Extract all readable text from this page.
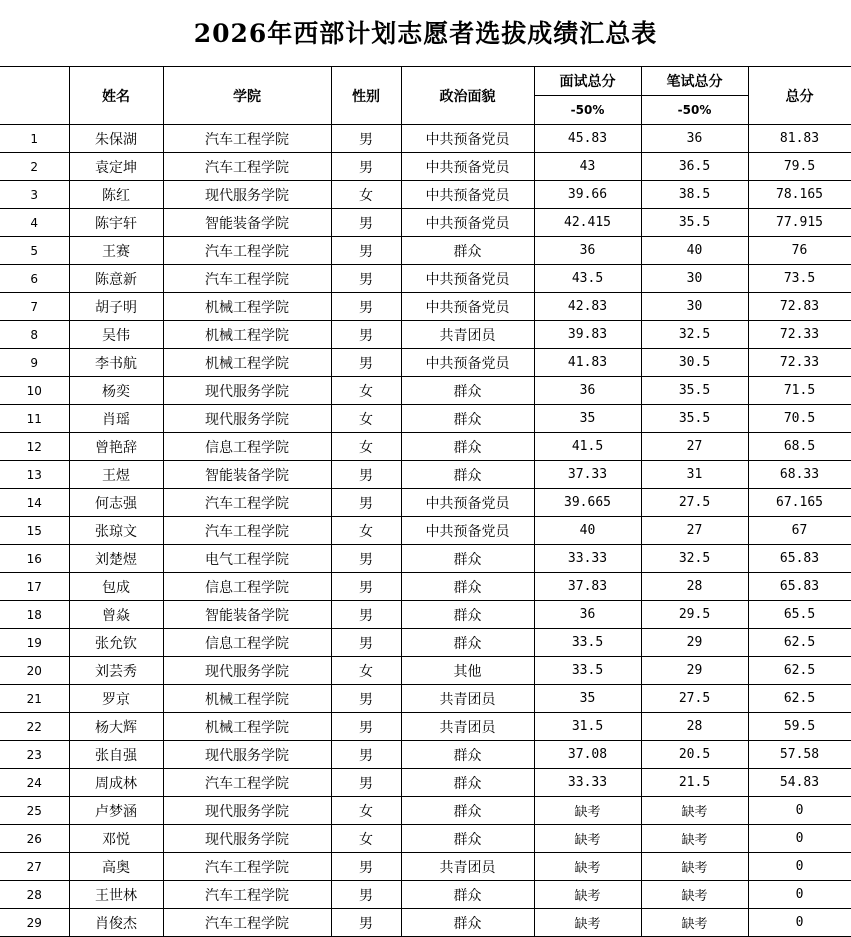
2026年西部计划志愿者选拔成绩汇总表
	姓名	学院	性别	政治面貌	面试总分	笔试总分	总分
					-50%	-50%	
1	朱保湖	汽车工程学院	男	中共预备党员	45.83	36	81.83
2	袁定坤	汽车工程学院	男	中共预备党员	43	36.5	79.5
3	陈红	现代服务学院	女	中共预备党员	39.66	38.5	78.165
4	陈宇轩	智能装备学院	男	中共预备党员	42.415	35.5	77.915
5	王赛	汽车工程学院	男	群众	36	40	76
6	陈意新	汽车工程学院	男	中共预备党员	43.5	30	73.5
7	胡子明	机械工程学院	男	中共预备党员	42.83	30	72.83
8	吴伟	机械工程学院	男	共青团员	39.83	32.5	72.33
9	李书航	机械工程学院	男	中共预备党员	41.83	30.5	72.33
10	杨奕	现代服务学院	女	群众	36	35.5	71.5
11	肖瑶	现代服务学院	女	群众	35	35.5	70.5
12	曾艳辞	信息工程学院	女	群众	41.5	27	68.5
13	王煜	智能装备学院	男	群众	37.33	31	68.33
14	何志强	汽车工程学院	男	中共预备党员	39.665	27.5	67.165
15	张琼文	汽车工程学院	女	中共预备党员	40	27	67
16	刘楚煜	电气工程学院	男	群众	33.33	32.5	65.83
17	包成	信息工程学院	男	群众	37.83	28	65.83
18	曾焱	智能装备学院	男	群众	36	29.5	65.5
19	张允钦	信息工程学院	男	群众	33.5	29	62.5
20	刘芸秀	现代服务学院	女	其他	33.5	29	62.5
21	罗京	机械工程学院	男	共青团员	35	27.5	62.5
22	杨大辉	机械工程学院	男	共青团员	31.5	28	59.5
23	张自强	现代服务学院	男	群众	37.08	20.5	57.58
24	周成林	汽车工程学院	男	群众	33.33	21.5	54.83
25	卢梦涵	现代服务学院	女	群众	缺考	缺考	0
26	邓悦	现代服务学院	女	群众	缺考	缺考	0
27	高奥	汽车工程学院	男	共青团员	缺考	缺考	0
28	王世林	汽车工程学院	男	群众	缺考	缺考	0
29	肖俊杰	汽车工程学院	男	群众	缺考	缺考	0
